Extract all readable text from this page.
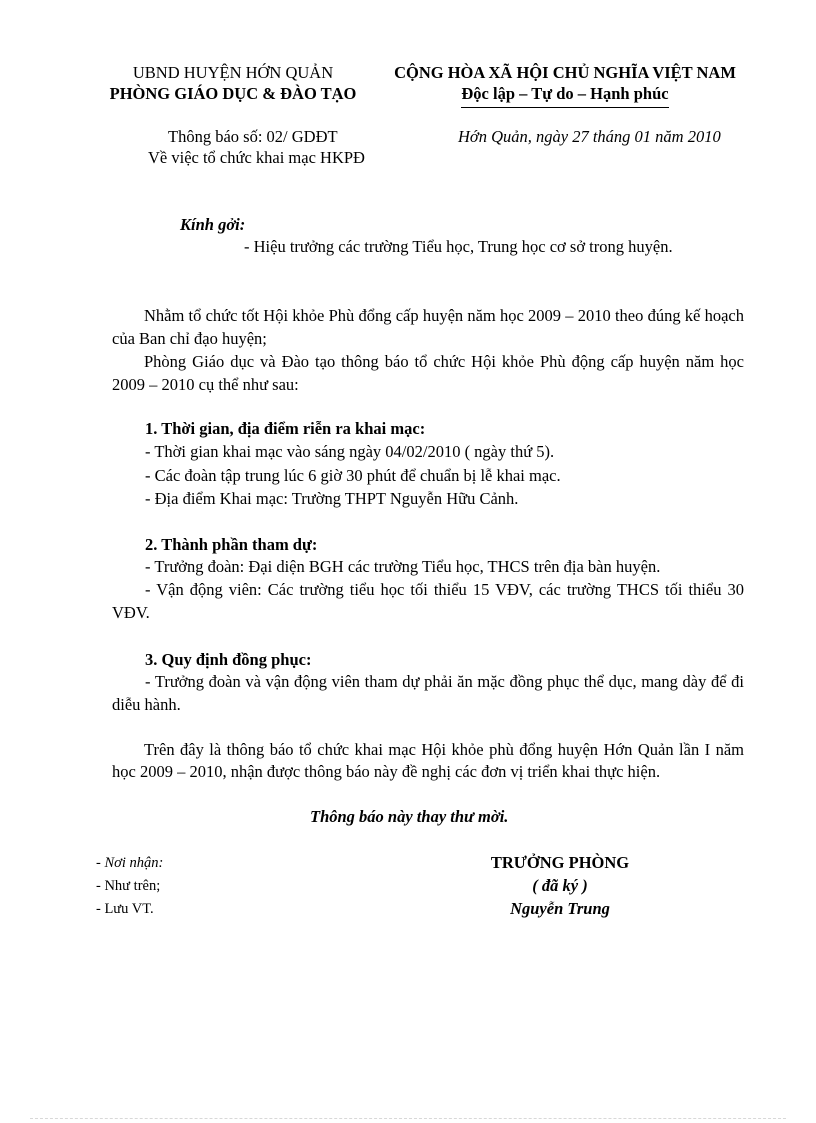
UBND HUYỆN HỚN QUẢN
PHÒNG GIÁO DỤC & ĐÀO TẠO
CỘNG HÒA XÃ HỘI CHỦ NGHĨA VIỆT NAM
Độc lập – Tự do – Hạnh phúc
Thông báo số: 02/ GDĐT
Về việc tổ chức khai mạc HKPĐ
Hớn Quản, ngày 27 tháng 01 năm 2010
Kính gởi:
- Hiệu trưởng các trường Tiểu học, Trung học cơ sở trong huyện.
Nhằm tổ chức tốt Hội khỏe Phù đổng cấp huyện năm học 2009 – 2010 theo đúng kế hoạch của Ban chỉ đạo huyện;
Phòng Giáo dục và Đào tạo thông báo tổ chức Hội khỏe Phù động cấp huyện năm học 2009 – 2010 cụ thể như sau:
1. Thời gian, địa điểm riễn ra khai mạc:
- Thời gian khai mạc vào sáng ngày 04/02/2010 ( ngày thứ 5).
- Các đoàn tập trung lúc 6 giờ 30 phút để chuẩn bị lễ khai mạc.
- Địa điểm Khai mạc: Trường THPT Nguyễn Hữu Cảnh.
2. Thành phần tham dự:
- Trưởng đoàn: Đại diện BGH các trường Tiểu học, THCS trên địa bàn huyện.
- Vận động viên: Các trường tiểu học tối thiểu 15 VĐV, các trường THCS tối thiểu 30 VĐV.
3. Quy định đồng phục:
- Trưởng đoàn và vận động viên tham dự phải ăn mặc đồng phục thể dục, mang dày để đi diễu hành.
Trên đây là thông báo tổ chức khai mạc Hội khỏe phù đổng huyện Hớn Quản lần I năm học 2009 – 2010, nhận được thông báo này đề nghị các đơn vị triển khai thực hiện.
Thông báo này thay thư mời.
- Nơi nhận:
- Như trên;
- Lưu VT.
TRƯỞNG PHÒNG
( đã ký )
Nguyễn Trung
